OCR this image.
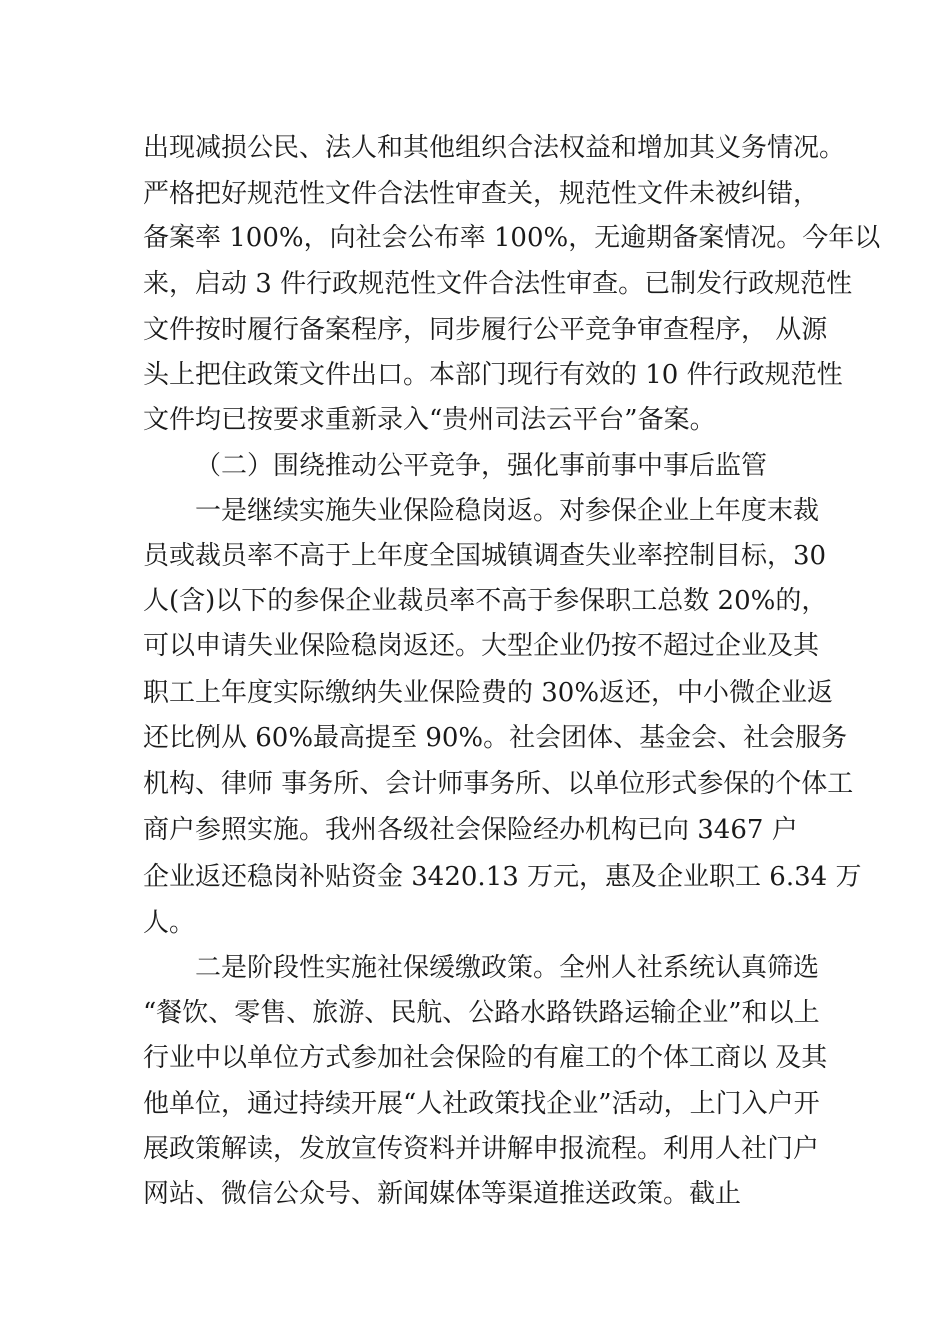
出现减损公民、法人和其他组织合法权益和增加其义务情况。

严格把好规范性文件合法性审查关，规范性文件未被纠错，

备案率 100%，向社会公布率 100%，无逾期备案情况。今年以

来，启动 3 件行政规范性文件合法性审查。已制发行政规范性

文件按时履行备案程序，同步履行公平竞争审查程序， 从源

头上把住政策文件出口。本部门现行有效的 10 件行政规范性

文件均已按要求重新录入“贵州司法云平台”备案。

（二）围绕推动公平竞争，强化事前事中事后监管

一是继续实施失业保险稳岗返。对参保企业上年度末裁

员或裁员率不高于上年度全国城镇调查失业率控制目标，30

人(含)以下的参保企业裁员率不高于参保职工总数 20%的，

可以申请失业保险稳岗返还。大型企业仍按不超过企业及其

职工上年度实际缴纳失业保险费的 30%返还，中小微企业返

还比例从 60%最高提至 90%。社会团体、基金会、社会服务

机构、律师 事务所、会计师事务所、以单位形式参保的个体工

商户参照实施。我州各级社会保险经办机构已向 3467 户

企业返还稳岗补贴资金 3420.13 万元，惠及企业职工 6.34 万

人。

二是阶段性实施社保缓缴政策。全州人社系统认真筛选

“餐饮、零售、旅游、民航、公路水路铁路运输企业”和以上

行业中以单位方式参加社会保险的有雇工的个体工商以 及其

他单位，通过持续开展“人社政策找企业”活动，上门入户开

展政策解读，发放宣传资料并讲解申报流程。利用人社门户

网站、微信公众号、新闻媒体等渠道推送政策。截止
